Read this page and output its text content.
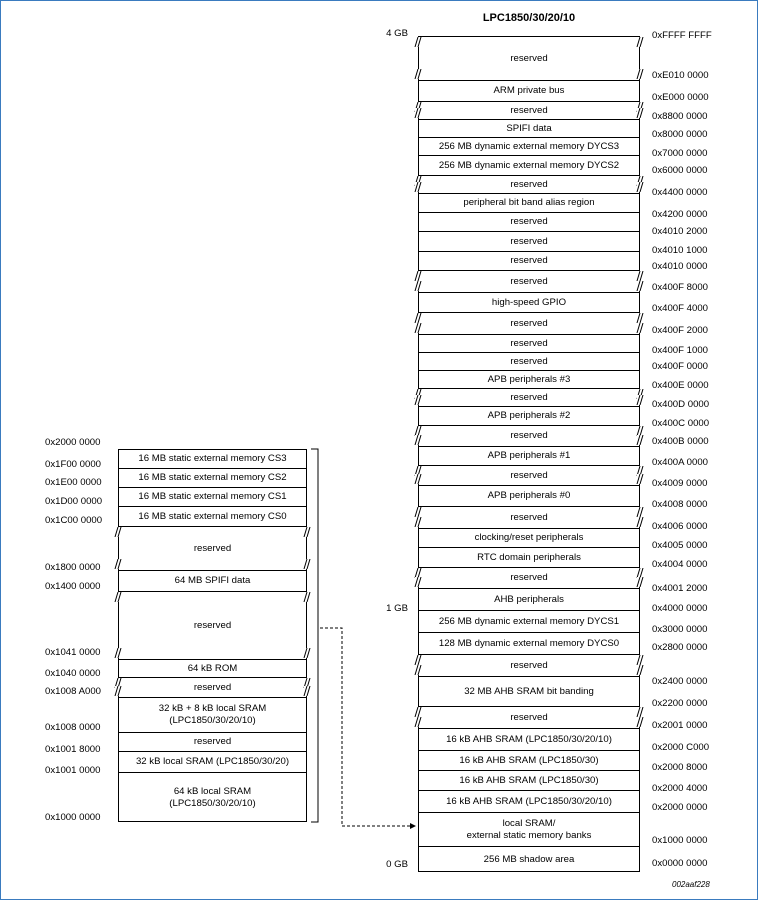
LPC1850/30/20/10
4 GB
1 GB
0 GB
reserved
ARM private bus
reserved
SPIFI data
256 MB dynamic external memory DYCS3
256 MB dynamic external memory DYCS2
reserved
peripheral bit band alias region
reserved
reserved
reserved
reserved
high-speed GPIO
reserved
reserved
reserved
APB peripherals #3
reserved
APB peripherals #2
reserved
APB peripherals #1
reserved
APB peripherals #0
reserved
clocking/reset peripherals
RTC domain peripherals
reserved
AHB peripherals
256 MB dynamic external memory DYCS1
128 MB dynamic external memory DYCS0
reserved
32 MB AHB SRAM bit banding
reserved
16 kB AHB SRAM (LPC1850/30/20/10)
16 kB AHB SRAM (LPC1850/30)
16 kB AHB SRAM (LPC1850/30)
16 kB AHB SRAM (LPC1850/30/20/10)
local SRAM/
external static memory banks
256 MB shadow area
0xFFFF FFFF
0xE010 0000
0xE000 0000
0x8800 0000
0x8000 0000
0x7000 0000
0x6000 0000
0x4400 0000
0x4200 0000
0x4010 2000
0x4010 1000
0x4010 0000
0x400F 8000
0x400F 4000
0x400F 2000
0x400F 1000
0x400F 0000
0x400E 0000
0x400D 0000
0x400C 0000
0x400B 0000
0x400A 0000
0x4009 0000
0x4008 0000
0x4006 0000
0x4005 0000
0x4004 0000
0x4001 2000
0x4000 0000
0x3000 0000
0x2800 0000
0x2400 0000
0x2200 0000
0x2001 0000
0x2000 C000
0x2000 8000
0x2000 4000
0x2000 0000
0x1000 0000
0x0000 0000
16 MB static external memory CS3
16 MB static external memory CS2
16 MB static external memory CS1
16 MB static external memory CS0
reserved
64 MB SPIFI data
reserved
64 kB ROM
reserved
32 kB + 8 kB local SRAM
(LPC1850/30/20/10)
reserved
32 kB local SRAM (LPC1850/30/20)
64 kB local SRAM
(LPC1850/30/20/10)
0x2000 0000
0x1F00 0000
0x1E00 0000
0x1D00 0000
0x1C00 0000
0x1800 0000
0x1400 0000
0x1041 0000
0x1040 0000
0x1008 A000
0x1008 0000
0x1001 8000
0x1001 0000
0x1000 0000
002aaf228
